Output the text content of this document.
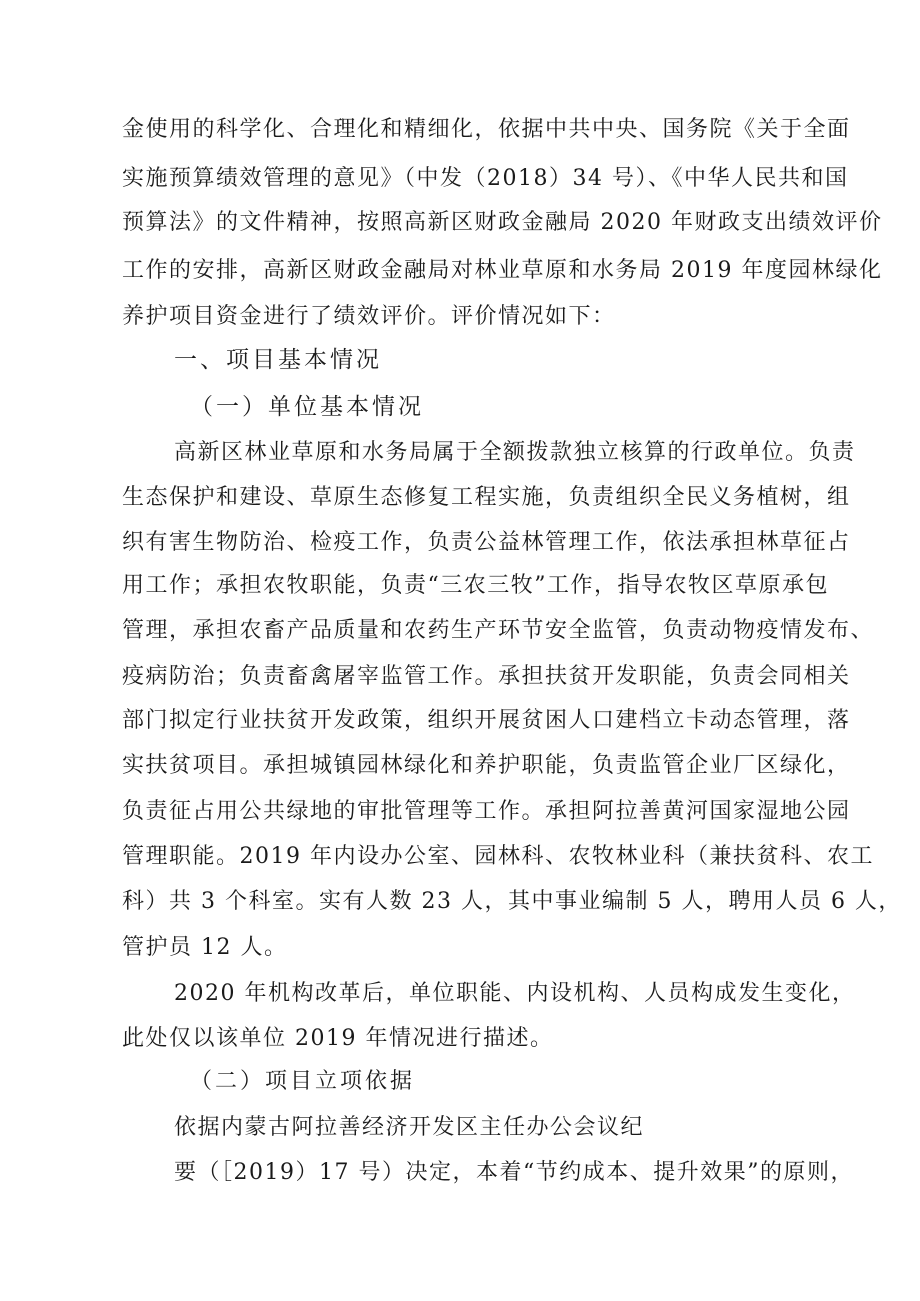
金使用的科学化、合理化和精细化，依据中共中央、国务院《关于全面
实施预算绩效管理的意见》（中发（2018）34 号）、《中华人民共和国
预算法》的文件精神，按照高新区财政金融局 2020 年财政支出绩效评价
工作的安排，高新区财政金融局对林业草原和水务局 2019 年度园林绿化
养护项目资金进行了绩效评价。评价情况如下：
一、项目基本情况
（一）单位基本情况
高新区林业草原和水务局属于全额拨款独立核算的行政单位。负责
生态保护和建设、草原生态修复工程实施，负责组织全民义务植树，组
织有害生物防治、检疫工作，负责公益林管理工作，依法承担林草征占
用工作；承担农牧职能，负责“三农三牧”工作，指导农牧区草原承包
管理，承担农畜产品质量和农药生产环节安全监管，负责动物疫情发布、
疫病防治；负责畜禽屠宰监管工作。承担扶贫开发职能，负责会同相关
部门拟定行业扶贫开发政策，组织开展贫困人口建档立卡动态管理，落
实扶贫项目。承担城镇园林绿化和养护职能，负责监管企业厂区绿化，
负责征占用公共绿地的审批管理等工作。承担阿拉善黄河国家湿地公园
管理职能。2019 年内设办公室、园林科、农牧林业科（兼扶贫科、农工
科）共 3 个科室。实有人数 23 人，其中事业编制 5 人，聘用人员 6 人，
管护员 12 人。
2020 年机构改革后，单位职能、内设机构、人员构成发生变化，
此处仅以该单位 2019 年情况进行描述。
（二）项目立项依据
依据内蒙古阿拉善经济开发区主任办公会议纪
要（［2019）17 号）决定，本着“节约成本、提升效果”的原则，
